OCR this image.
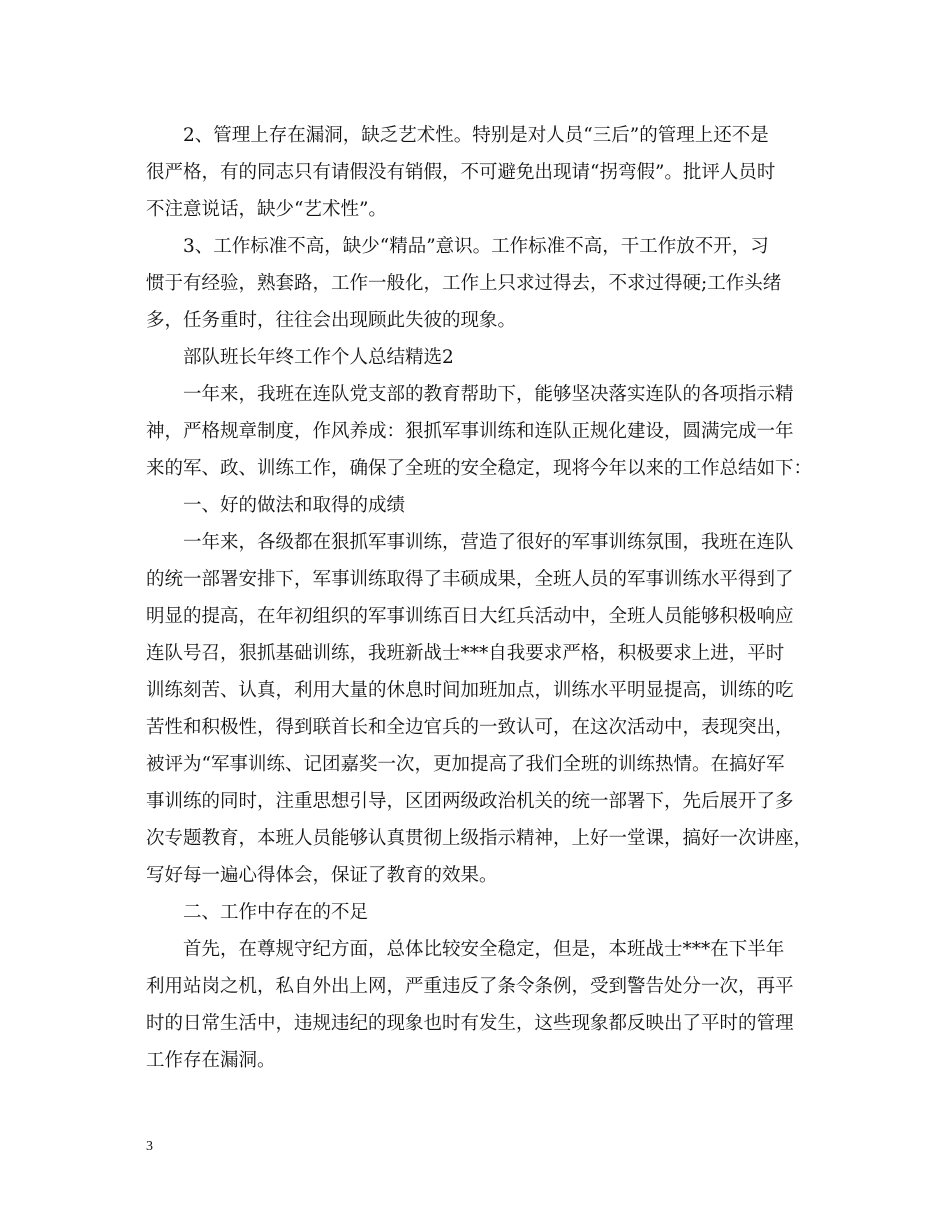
2、管理上存在漏洞，缺乏艺术性。特别是对人员“三后”的管理上还不是
很严格，有的同志只有请假没有销假，不可避免出现请“拐弯假”。批评人员时
不注意说话，缺少“艺术性”。
3、工作标准不高，缺少“精品”意识。工作标准不高，干工作放不开，习
惯于有经验，熟套路，工作一般化，工作上只求过得去，不求过得硬;工作头绪
多，任务重时，往往会出现顾此失彼的现象。
部队班长年终工作个人总结精选2
一年来，我班在连队党支部的教育帮助下，能够坚决落实连队的各项指示精
神，严格规章制度，作风养成：狠抓军事训练和连队正规化建设，圆满完成一年
来的军、政、训练工作，确保了全班的安全稳定，现将今年以来的工作总结如下：
一、好的做法和取得的成绩
一年来，各级都在狠抓军事训练，营造了很好的军事训练氛围，我班在连队
的统一部署安排下，军事训练取得了丰硕成果，全班人员的军事训练水平得到了
明显的提高，在年初组织的军事训练百日大红兵活动中，全班人员能够积极响应
连队号召，狠抓基础训练，我班新战士***自我要求严格，积极要求上进，平时
训练刻苦、认真，利用大量的休息时间加班加点，训练水平明显提高，训练的吃
苦性和积极性，得到联首长和全边官兵的一致认可，在这次活动中，表现突出，
被评为“军事训练、记团嘉奖一次，更加提高了我们全班的训练热情。在搞好军
事训练的同时，注重思想引导，区团两级政治机关的统一部署下，先后展开了多
次专题教育，本班人员能够认真贯彻上级指示精神，上好一堂课，搞好一次讲座，
写好每一遍心得体会，保证了教育的效果。
二、工作中存在的不足
首先，在尊规守纪方面，总体比较安全稳定，但是，本班战士***在下半年
利用站岗之机，私自外出上网，严重违反了条令条例，受到警告处分一次，再平
时的日常生活中，违规违纪的现象也时有发生，这些现象都反映出了平时的管理
工作存在漏洞。
3
